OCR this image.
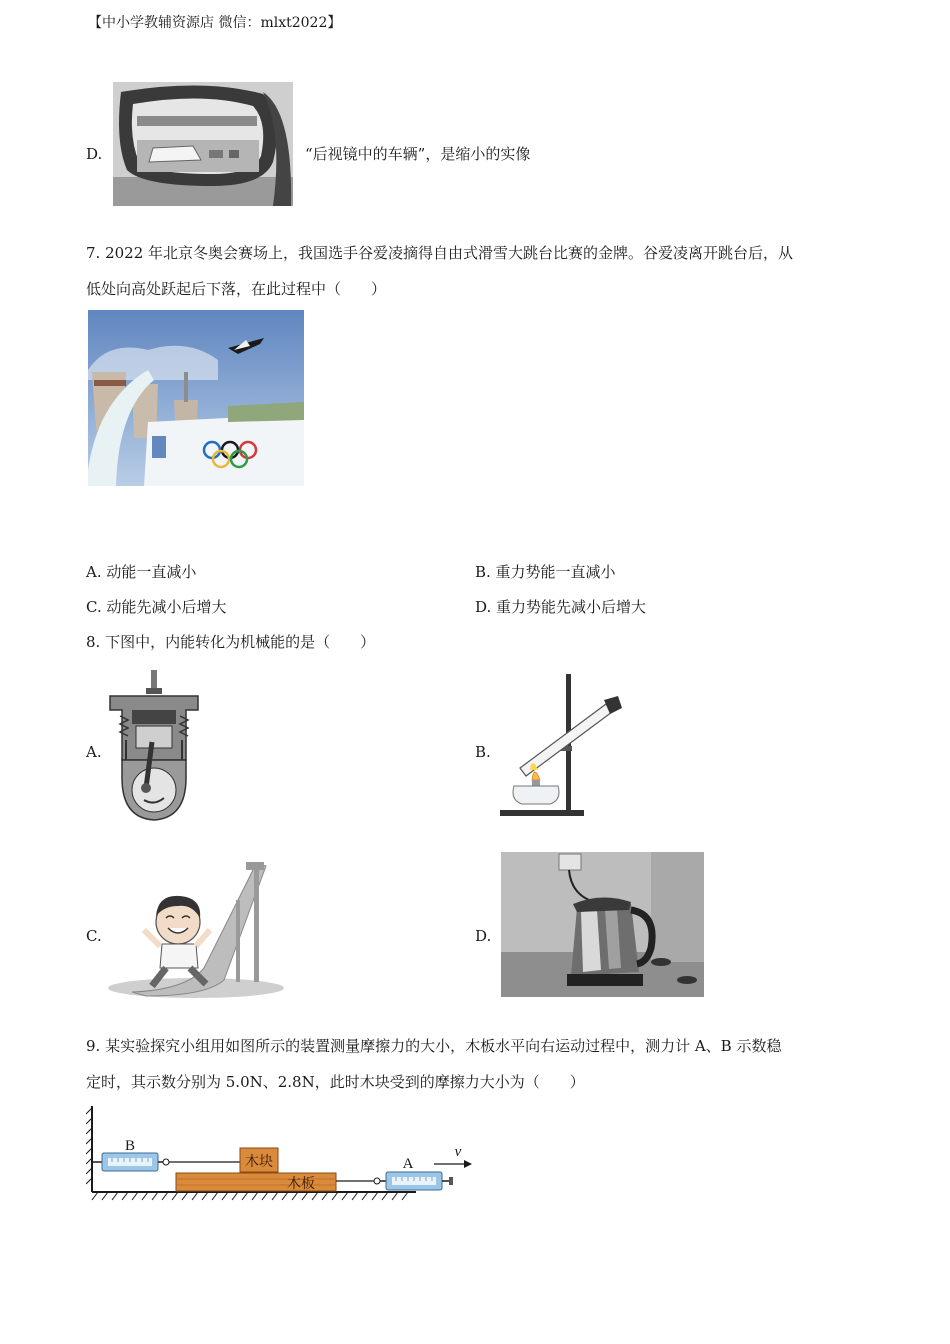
【中小学教辅资源店 微信：mlxt2022】
D.	“后视镜中的车辆”，是缩小的实像
7. 2022 年北京冬奥会赛场上，我国选手谷爱凌摘得自由式滑雪大跳台比赛的金牌。谷爱凌离开跳台后，从
低处向高处跃起后下落，在此过程中（　　）
A. 动能一直减小	B. 重力势能一直减小
C. 动能先减小后增大	D. 重力势能先减小后增大
8. 下图中，内能转化为机械能的是（　　）
A.	B.
C.	D.
9. 某实验探究小组用如图所示的装置测量摩擦力的大小，木板水平向右运动过程中，测力计 A、B 示数稳
定时，其示数分别为 5.0N、2.8N，此时木块受到的摩擦力大小为（　　）
B
木块
木板
A
v
